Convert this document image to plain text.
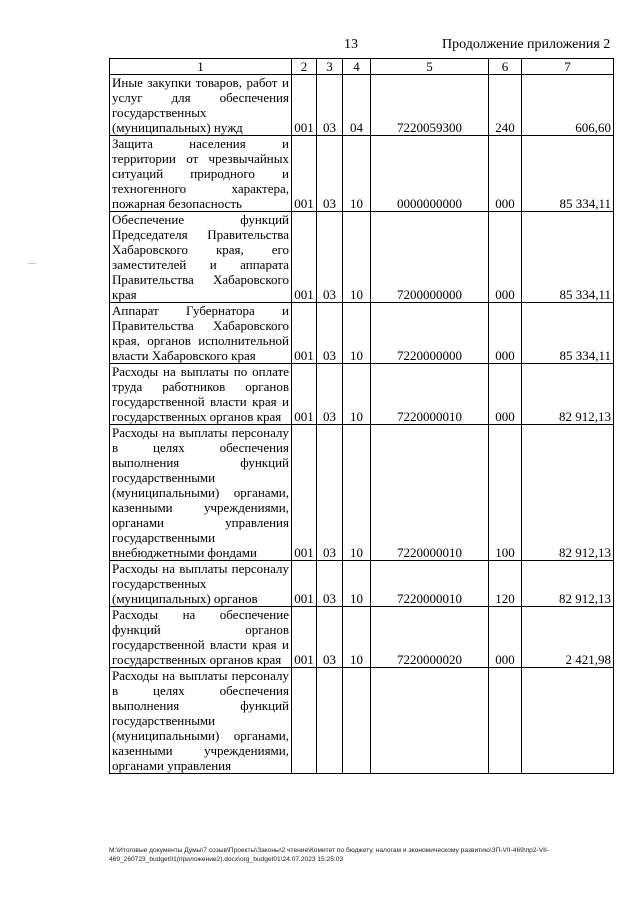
13	Продолжение приложения 2
1	2	3	4	5	6	7
Иные закупки товаров, работ и услуг для обеспечения государственных (муниципальных) нужд	001	03	04	7220059300	240	606,60
Защита населения и территории от чрезвычайных ситуаций природного и техногенного характера, пожарная безопасность	001	03	10	0000000000	000	85 334,11
Обеспечение функций Председателя Правительства Хабаровского края, его заместителей и аппарата Правительства Хабаровского края	001	03	10	7200000000	000	85 334,11
Аппарат Губернатора и Правительства Хабаровского края, органов исполнительной власти Хабаровского края	001	03	10	7220000000	000	85 334,11
Расходы на выплаты по оплате труда работников органов государственной власти края и государственных органов края	001	03	10	7220000010	000	82 912,13
Расходы на выплаты персоналу в целях обеспечения выполнения функций государственными (муниципальными) органами, казенными учреждениями, органами управления государственными внебюджетными фондами	001	03	10	7220000010	100	82 912,13
Расходы на выплаты персоналу государственных (муниципальных) органов	001	03	10	7220000010	120	82 912,13
Расходы на обеспечение функций органов государственной власти края и государственных органов края	001	03	10	7220000020	000	2 421,98
Расходы на выплаты персоналу в целях обеспечения выполнения функций государственными (муниципальными) органами, казенными учреждениями, органами управления						
M:\Итоговые документы Думы\7 созыв\Проекты\Законы\2 чтение\Комитет по бюджету, налогам и экономическому развитию\ЗП-VII-469\пр2-VII-469_260723_budget01(приложение2).docx\org_budget01\24.07.2023 15:25:03
